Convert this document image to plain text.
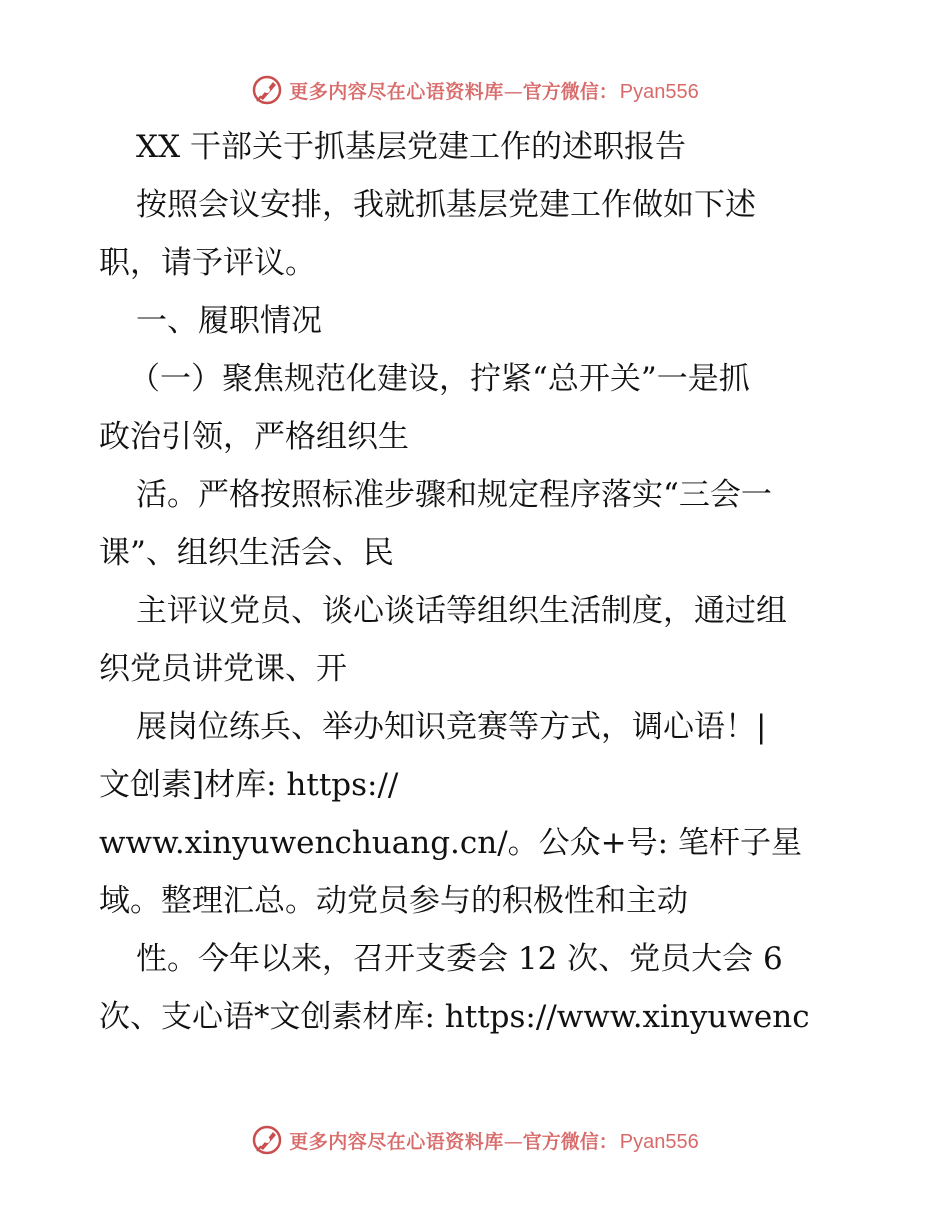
更多内容尽在心语资料库 — 官方微信： Pyan556
XX 干部关于抓基层党建工作的述职报告
按照会议安排，我就抓基层党建工作做如下述
职，请予评议。
一、履职情况
（一）聚焦规范化建设，拧紧“总开关”一是抓
政治引领，严格组织生
活。严格按照标准步骤和规定程序落实“三会一
课”、组织生活会、民
主评议党员、谈心谈话等组织生活制度，通过组
织党员讲党课、开
展岗位练兵、举办知识竞赛等方式，调心语！|
文创素]材库: https://
www.xinyuwenchuang.cn/。公众+号: 笔杆子星
域。整理汇总。动党员参与的积极性和主动
性。今年以来，召开支委会 12 次、党员大会 6
次、支心语*文创素材库: https://www.xinyuwenc
更多内容尽在心语资料库 — 官方微信： Pyan556
